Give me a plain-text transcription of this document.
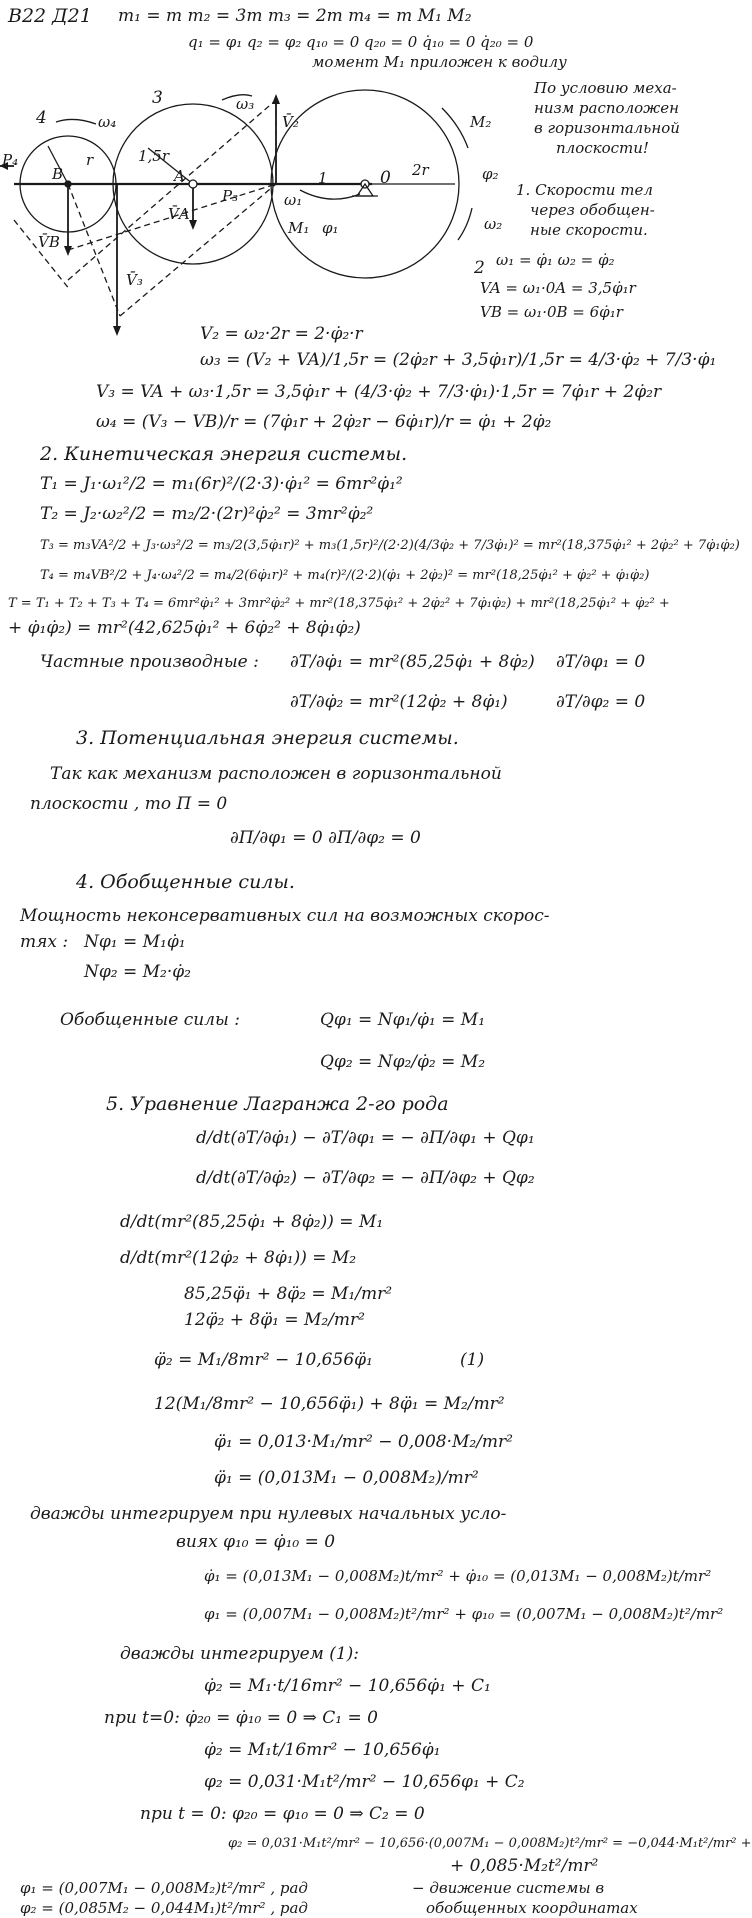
В22 Д21 m₁ = m m₂ = 3m m₃ = 2m m₄ = m M₁ M₂
q₁ = φ₁ q₂ = φ₂ q₁₀ = 0 q₂₀ = 0 q̇₁₀ = 0 q̇₂₀ = 0
момент M₁ приложен к водилу
По условию меха-
низм расположен
в горизонтальной
плоскости!
4	ω₄
P₄
B
r
V̄B
1,5r
A
V̄A
P₃
3	ω₃
V̄₂
V̄₃
ω₁
1
M₁ φ₁
0 2r
M₂
φ₂
ω₂
2
1. Скорости тел
через обобщен-
ные скорости.
ω₁ = φ̇₁ ω₂ = φ̇₂
VA = ω₁·0A = 3,5φ̇₁r
VB = ω₁·0B = 6φ̇₁r
V₂ = ω₂·2r = 2·φ̇₂·r
ω₃ = (V₂ + VA)/1,5r = (2φ̇₂r + 3,5φ̇₁r)/1,5r = 4/3·φ̇₂ + 7/3·φ̇₁
V₃ = VA + ω₃·1,5r = 3,5φ̇₁r + (4/3·φ̇₂ + 7/3·φ̇₁)·1,5r = 7φ̇₁r + 2φ̇₂r
ω₄ = (V₃ − VB)/r = (7φ̇₁r + 2φ̇₂r − 6φ̇₁r)/r = φ̇₁ + 2φ̇₂
2. Кинетическая энергия системы.
T₁ = J₁·ω₁²/2 = m₁(6r)²/(2·3)·φ̇₁² = 6mr²φ̇₁²
T₂ = J₂·ω₂²/2 = m₂/2·(2r)²φ̇₂² = 3mr²φ̇₂²
T₃ = m₃VA²/2 + J₃·ω₃²/2 = m₃/2(3,5φ̇₁r)² + m₃(1,5r)²/(2·2)(4/3φ̇₂ + 7/3φ̇₁)² = mr²(18,375φ̇₁² + 2φ̇₂² + 7φ̇₁φ̇₂)
T₄ = m₄VB²/2 + J₄·ω₄²/2 = m₄/2(6φ̇₁r)² + m₄(r)²/(2·2)(φ̇₁ + 2φ̇₂)² = mr²(18,25φ̇₁² + φ̇₂² + φ̇₁φ̇₂)
T = T₁ + T₂ + T₃ + T₄ = 6mr²φ̇₁² + 3mr²φ̇₂² + mr²(18,375φ̇₁² + 2φ̇₂² + 7φ̇₁φ̇₂) + mr²(18,25φ̇₁² + φ̇₂² +
+ φ̇₁φ̇₂) = mr²(42,625φ̇₁² + 6φ̇₂² + 8φ̇₁φ̇₂)
Частные производные : ∂T/∂φ̇₁ = mr²(85,25φ̇₁ + 8φ̇₂) ∂T/∂φ₁ = 0
∂T/∂φ̇₂ = mr²(12φ̇₂ + 8φ̇₁)	∂T/∂φ₂ = 0
3. Потенциальная энергия системы.
Так как механизм расположен в горизонтальной
плоскости , то П = 0
∂П/∂φ₁ = 0 ∂П/∂φ₂ = 0
4. Обобщенные силы.
Мощность неконсервативных сил на возможных скорос-
тях : Nφ₁ = M₁φ̇₁
Nφ₂ = M₂·φ̇₂
Обобщенные силы :	Qφ₁ = Nφ₁/φ̇₁ = M₁
Qφ₂ = Nφ₂/φ̇₂ = M₂
5. Уравнение Лагранжа 2-го рода
d/dt(∂T/∂φ̇₁) − ∂T/∂φ₁ = − ∂П/∂φ₁ + Qφ₁
d/dt(∂T/∂φ̇₂) − ∂T/∂φ₂ = − ∂П/∂φ₂ + Qφ₂
d/dt(mr²(85,25φ̇₁ + 8φ̇₂)) = M₁
d/dt(mr²(12φ̇₂ + 8φ̇₁)) = M₂
85,25φ̈₁ + 8φ̈₂ = M₁/mr²
12φ̈₂ + 8φ̈₁ = M₂/mr²
φ̈₂ = M₁/8mr² − 10,656φ̈₁	(1)
12(M₁/8mr² − 10,656φ̈₁) + 8φ̈₁ = M₂/mr²
φ̈₁ = 0,013·M₁/mr² − 0,008·M₂/mr²
φ̈₁ = (0,013M₁ − 0,008M₂)/mr²
дважды интегрируем при нулевых начальных усло-
виях φ₁₀ = φ̇₁₀ = 0
φ̇₁ = (0,013M₁ − 0,008M₂)t/mr² + φ̇₁₀ = (0,013M₁ − 0,008M₂)t/mr²
φ₁ = (0,007M₁ − 0,008M₂)t²/mr² + φ₁₀ = (0,007M₁ − 0,008M₂)t²/mr²
дважды интегрируем (1):
φ̇₂ = M₁·t/16mr² − 10,656φ̇₁ + C₁
при t=0: φ̇₂₀ = φ̇₁₀ = 0 ⇒ C₁ = 0
φ̇₂ = M₁t/16mr² − 10,656φ̇₁
φ₂ = 0,031·M₁t²/mr² − 10,656φ₁ + C₂
при t = 0: φ₂₀ = φ₁₀ = 0 ⇒ C₂ = 0
φ₂ = 0,031·M₁t²/mr² − 10,656·(0,007M₁ − 0,008M₂)t²/mr² = −0,044·M₁t²/mr² +
+ 0,085·M₂t²/mr²
φ₁ = (0,007M₁ − 0,008M₂)t²/mr² , рад
φ₂ = (0,085M₂ − 0,044M₁)t²/mr² , рад
− движение системы в
обобщенных координатах
